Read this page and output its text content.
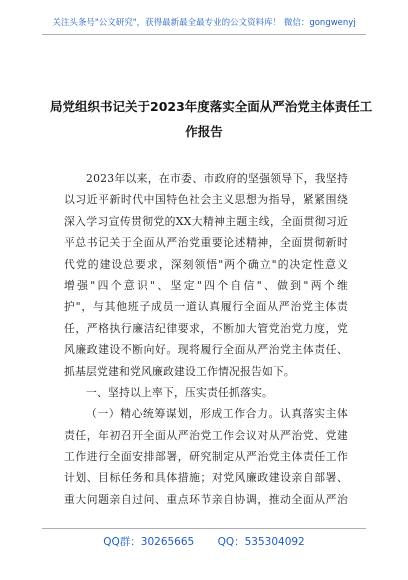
关注头条号"公文研究"，获得最新最全最专业的公文资料库！ 微信：gongwenyj
局党组织书记关于2023年度落实全面从严治党主体责任工
作报告
2023年以来，在市委、市政府的坚强领导下，我坚持
以习近平新时代中国特色社会主义思想为指导，紧紧围绕
深入学习宣传贯彻党的XX大精神主题主线，全面贯彻习近
平总书记关于全面从严治党重要论述精神，全面贯彻新时
代党的建设总要求，深刻领悟"两个确立"的决定性意义
增强"四个意识"、坚定"四个自信"、做到"两个维
护"，与其他班子成员一道认真履行全面从严治党主体责
任，严格执行廉洁纪律要求，不断加大管党治党力度，党
风廉政建设不断向好。现将履行全面从严治党主体责任、
抓基层党建和党风廉政建设工作情况报告如下。
一、坚持以上率下，压实责任抓落实。
（一）精心统筹谋划，形成工作合力。认真落实主体
责任，年初召开全面从严治党工作会议对从严治党、党建
工作进行全面安排部署，研究制定从严治党主体责任工作
计划、目标任务和具体措施；对党风廉政建设亲自部署、
重大问题亲自过问、重点环节亲自协调，推动全面从严治
QQ群：30265665 QQ：535304092
